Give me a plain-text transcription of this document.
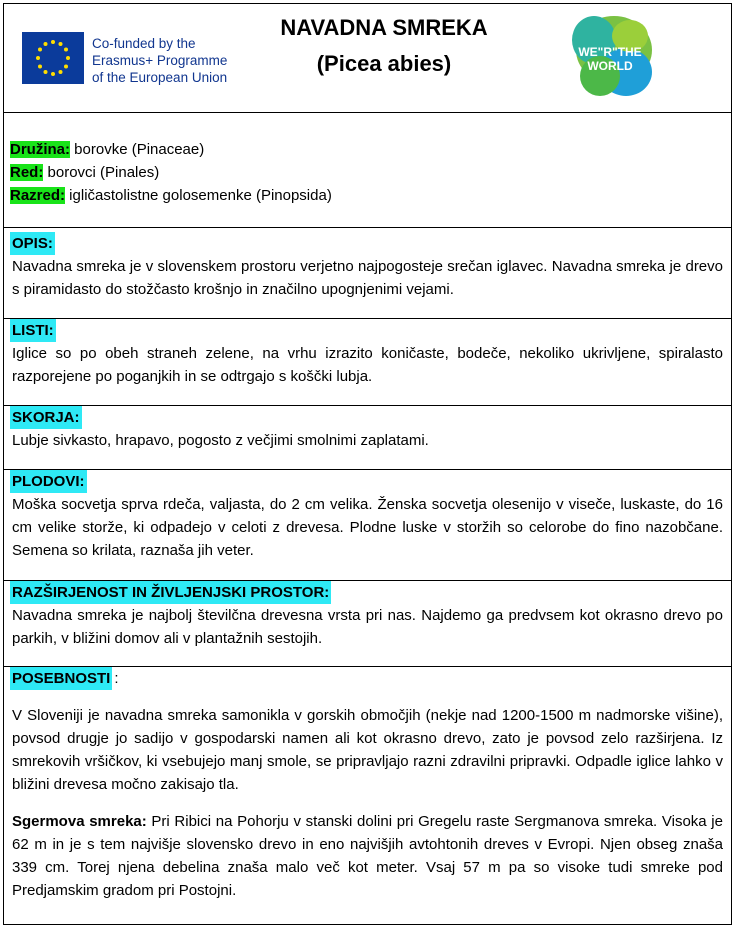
Co-funded by the
Erasmus+ Programme
of the European Union
NAVADNA SMREKA
(Picea abies)	WE"R"THE
WORLD
Družina: borovke (Pinaceae)
Red: borovci (Pinales)
Razred: igličastolistne golosemenke (Pinopsida)
OPIS:

Navadna smreka je v slovenskem prostoru verjetno najpogosteje srečan iglavec. Navadna smreka je drevo s piramidasto do stožčasto krošnjo in značilno upognjenimi vejami.

LISTI:

Iglice so po obeh straneh zelene, na vrhu izrazito koničaste, bodeče, nekoliko ukrivljene, spiralasto razporejene po poganjkih in se odtrgajo s koščki lubja.

SKORJA:

Lubje sivkasto, hrapavo, pogosto z večjimi smolnimi zaplatami.

PLODOVI:

Moška socvetja sprva rdeča, valjasta, do 2 cm velika. Ženska socvetja olesenijo v viseče, luskaste, do 16 cm velike storže, ki odpadejo v celoti z drevesa. Plodne luske v storžih so celorobe do fino nazobčane. Semena so krilata, raznaša jih veter.

RAZŠIRJENOST IN ŽIVLJENJSKI PROSTOR:

Navadna smreka je najbolj številčna drevesna vrsta pri nas. Najdemo ga predvsem kot okrasno drevo po parkih, v bližini domov ali v plantažnih sestojih.

POSEBNOSTI :

V Sloveniji je navadna smreka samonikla v gorskih območjih (nekje nad 1200-1500 m nadmorske višine), povsod drugje jo sadijo v gospodarski namen ali kot okrasno drevo, zato je povsod zelo razširjena. Iz smrekovih vršičkov, ki vsebujejo manj smole, se pripravljajo razni zdravilni pripravki. Odpadle iglice lahko v bližini drevesa močno zakisajo tla.

Sgermova smreka: Pri Ribici na Pohorju v stanski dolini pri Gregelu raste Sergmanova smreka. Visoka je 62 m in je s tem najvišje slovensko drevo in eno najvišjih avtohtonih dreves v Evropi. Njen obseg znaša 339 cm. Torej njena debelina znaša malo več kot meter. Vsaj 57 m pa so visoke tudi smreke pod Predjamskim gradom pri Postojni.
